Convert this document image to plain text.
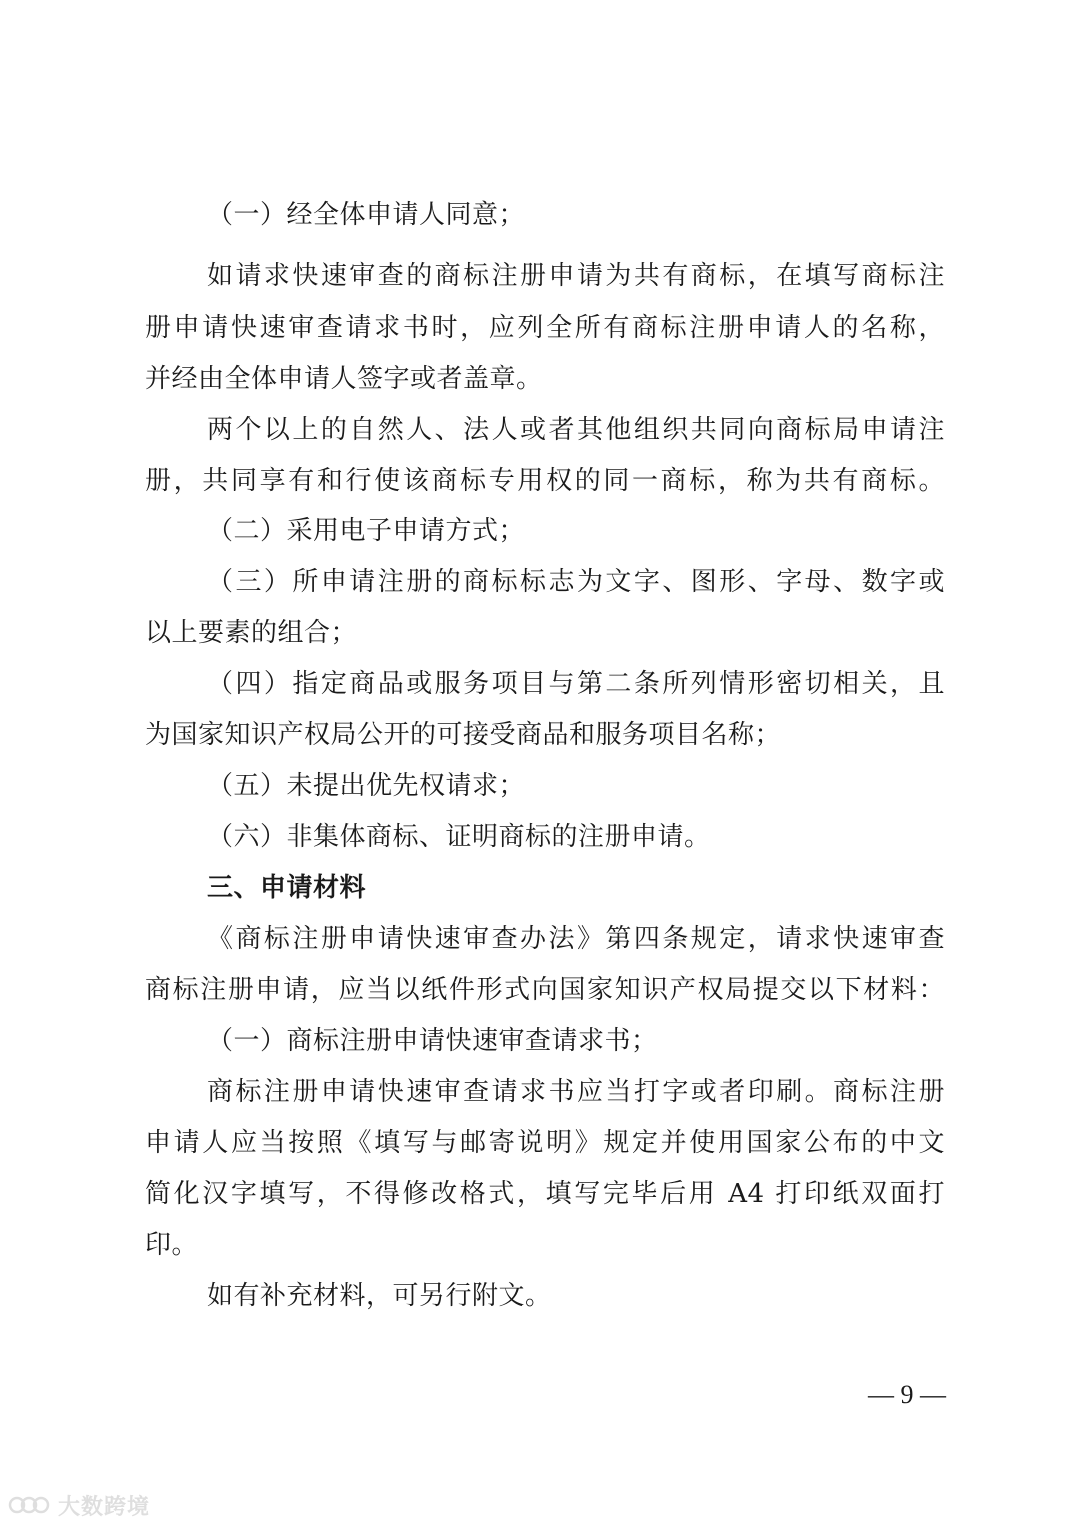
（一）经全体申请人同意；
如请求快速审查的商标注册申请为共有商标，在填写商标注
册申请快速审查请求书时，应列全所有商标注册申请人的名称，
并经由全体申请人签字或者盖章。
两个以上的自然人、法人或者其他组织共同向商标局申请注
册，共同享有和行使该商标专用权的同一商标，称为共有商标。
（二）采用电子申请方式；
（三）所申请注册的商标标志为文字、图形、字母、数字或
以上要素的组合；
（四）指定商品或服务项目与第二条所列情形密切相关，且
为国家知识产权局公开的可接受商品和服务项目名称；
（五）未提出优先权请求；
（六）非集体商标、证明商标的注册申请。
三、申请材料
《商标注册申请快速审查办法》第四条规定，请求快速审查
商标注册申请，应当以纸件形式向国家知识产权局提交以下材料：
（一）商标注册申请快速审查请求书；
商标注册申请快速审查请求书应当打字或者印刷。商标注册
申请人应当按照《填写与邮寄说明》规定并使用国家公布的中文
简化汉字填写，不得修改格式，填写完毕后用 A4 打印纸双面打
印。
如有补充材料，可另行附文。
— 9 —
大数跨境
